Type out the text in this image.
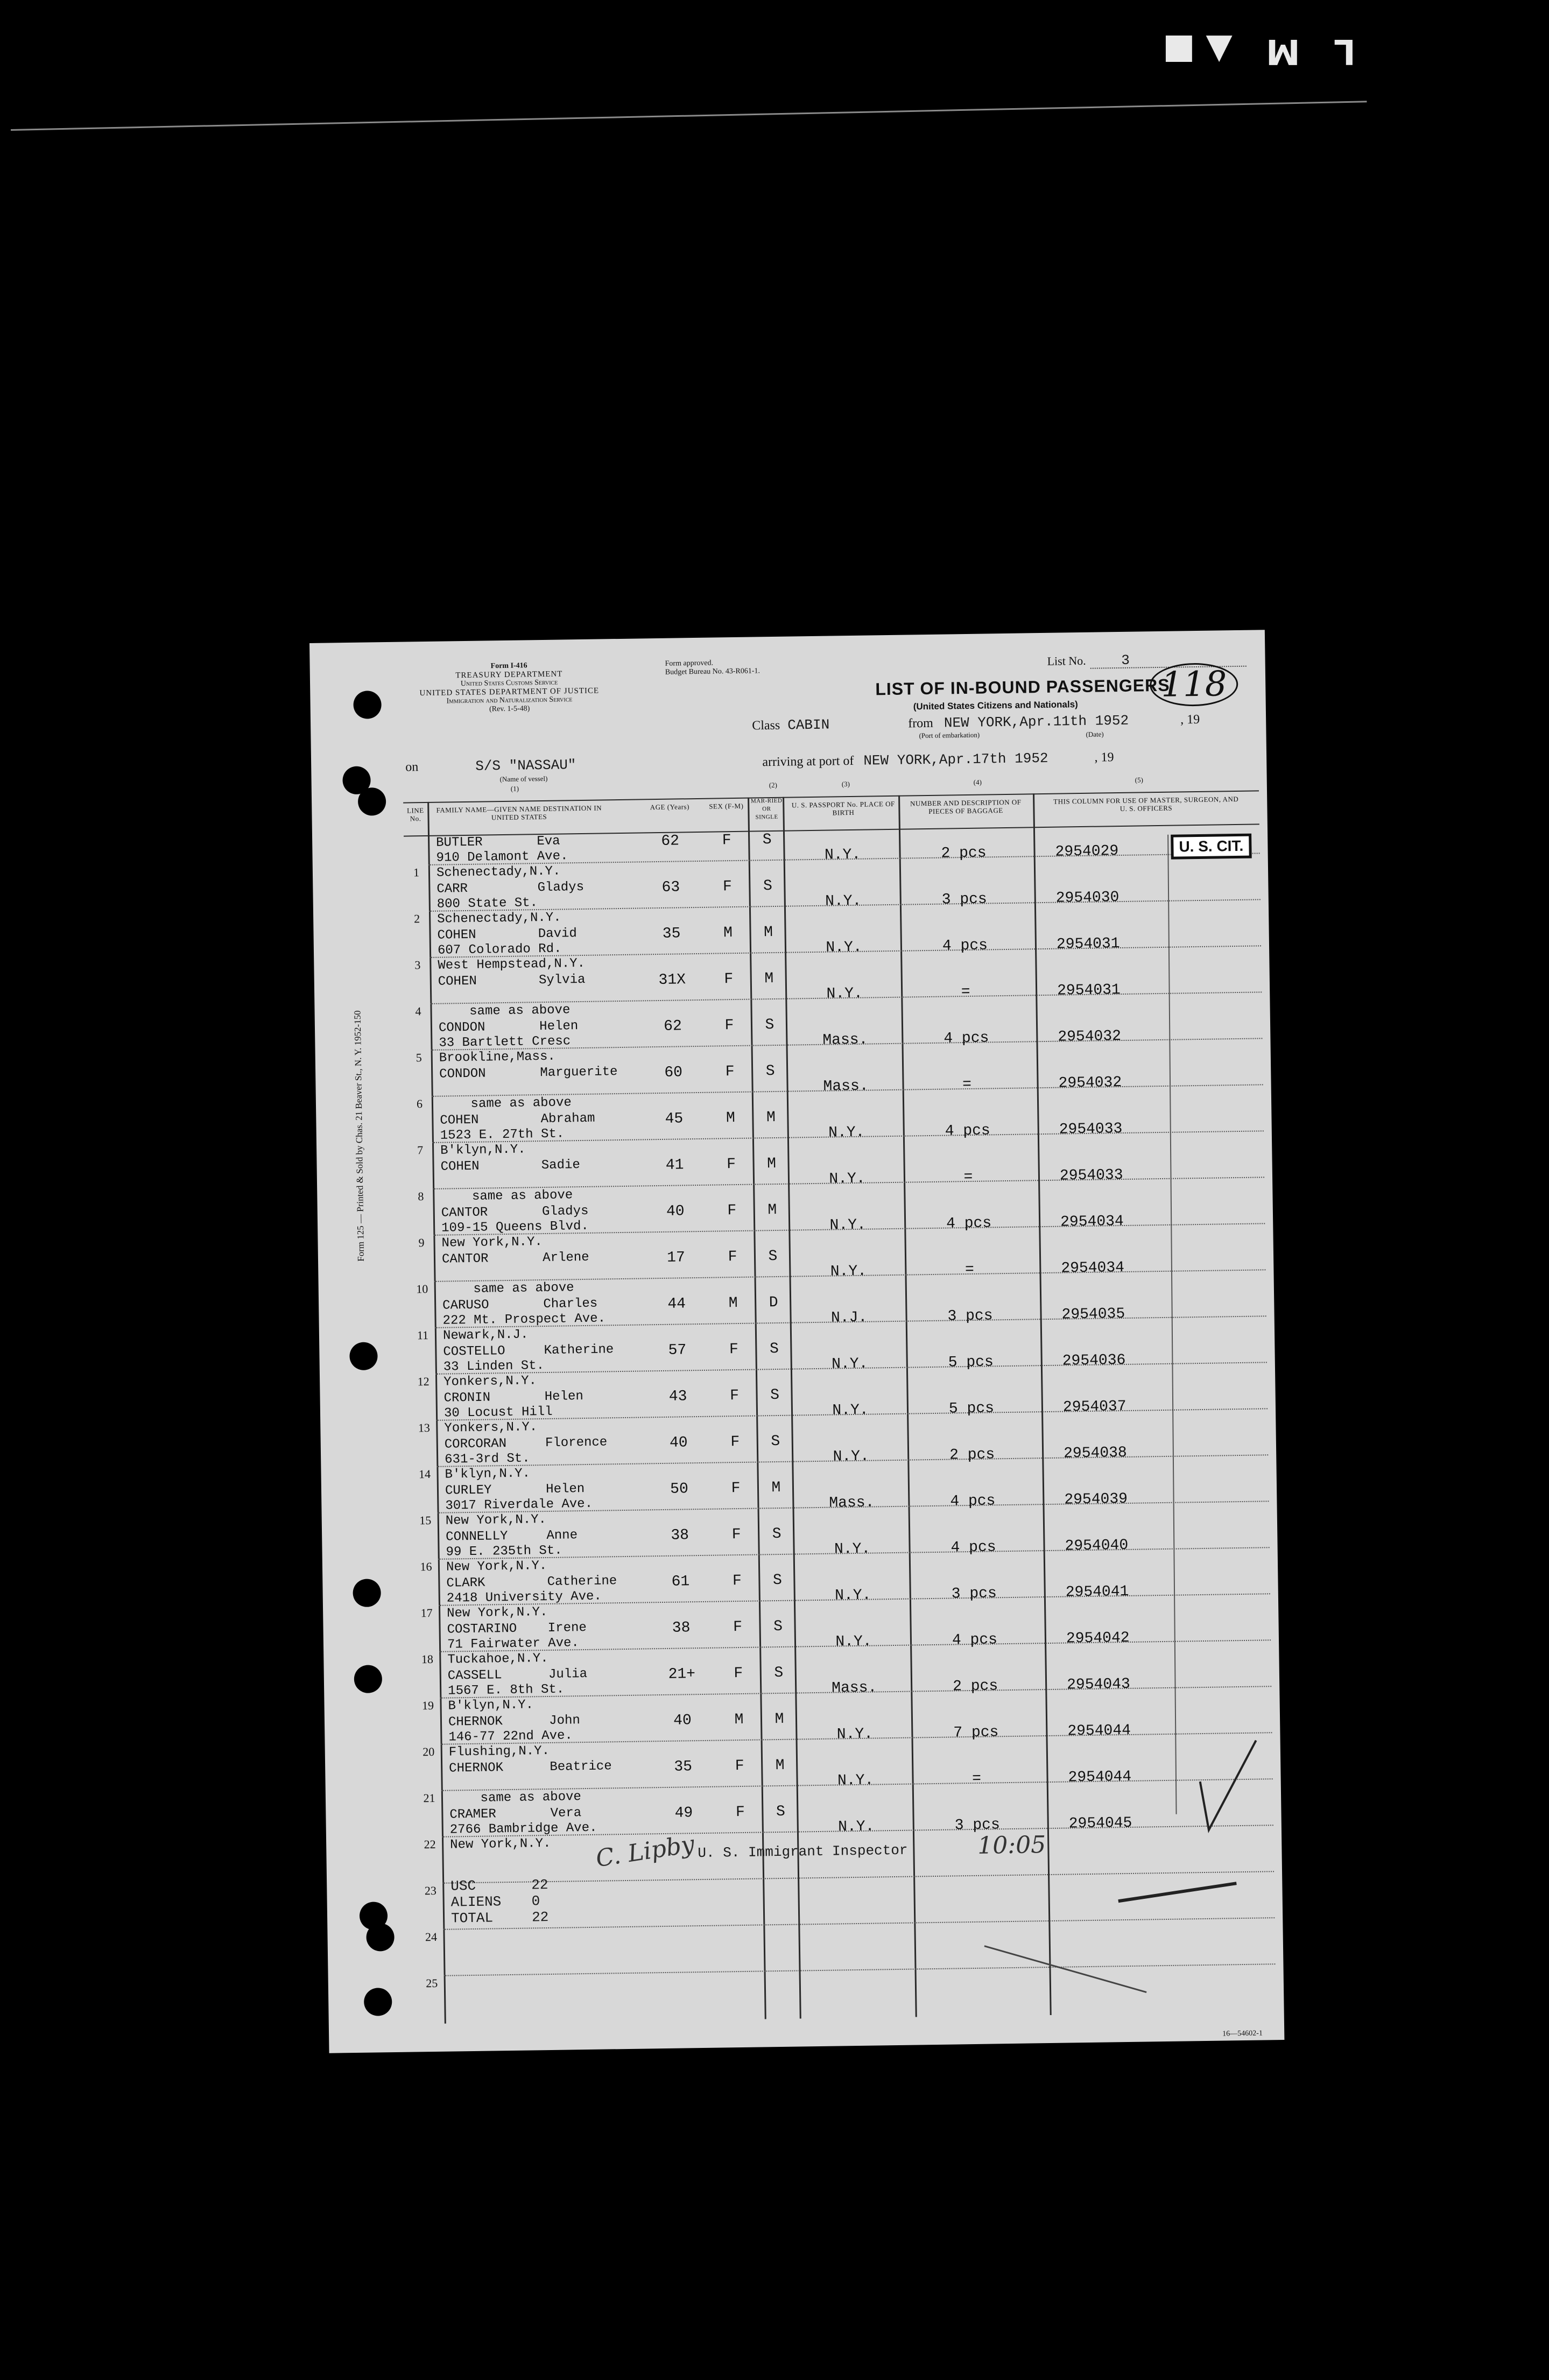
L M ▲■
Form I-416
TREASURY DEPARTMENT
United States Customs Service
UNITED STATES DEPARTMENT OF JUSTICE
Immigration and Naturalization Service
(Rev. 1-5-48)
Form approved.
Budget Bureau No. 43-R061-1.
List No.	3
LIST OF IN-BOUND PASSENGERS
(United States Citizens and Nationals)
118
Class CABIN	from NEW YORK,Apr.11th 1952	, 19
(Port of embarkation)	(Date)
on	S/S "NASSAU"	arriving at port of NEW YORK,Apr.17th 1952	, 19
(Name of vessel)
(1)	(2)	(3)	(4)	(5)
Form 125 — Printed & Sold by Chas. 21 Beaver St., N. Y. 1952-150
LINE No.
FAMILY NAME—GIVEN NAME DESTINATION IN UNITED STATES
AGE (Years)	SEX (F-M)
MAR-RIED OR SINGLE
U. S. PASSPORT No. PLACE OF BIRTH
NUMBER AND DESCRIPTION OF PIECES OF BAGGAGE
THIS COLUMN FOR USE OF MASTER, SURGEON, AND U. S. OFFICERS
1
BUTLER       Eva
910 Delamont Ave.
Schenectady,N.Y.
62	F	S
N.Y.	2 pcs	2954029
2
CARR         Gladys
800 State St.
Schenectady,N.Y.
63	F	S
N.Y.	3 pcs	2954030
3
COHEN        David
607 Colorado Rd.
West Hempstead,N.Y.
35	M	M
N.Y.	4 pcs	2954031
4
COHEN        Sylvia
same as above
31X	F	M
N.Y.	=	2954031
5
CONDON       Helen
33 Bartlett Cresc
Brookline,Mass.
62	F	S
Mass.	4 pcs	2954032
6
CONDON       Marguerite
same as above
60	F	S
Mass.	=	2954032
7
COHEN        Abraham
1523 E. 27th St.
B'klyn,N.Y.
45	M	M
N.Y.	4 pcs	2954033
8
COHEN        Sadie
same as above
41	F	M
N.Y.	=	2954033
9
CANTOR       Gladys
109-15 Queens Blvd.
New York,N.Y.
40	F	M
N.Y.	4 pcs	2954034
10
CANTOR       Arlene
same as above
17	F	S
N.Y.	=	2954034
11
CARUSO       Charles
222 Mt. Prospect Ave.
Newark,N.J.
44	M	D
N.J.	3 pcs	2954035
12
COSTELLO     Katherine
33 Linden St.
Yonkers,N.Y.
57	F	S
N.Y.	5 pcs	2954036
13
CRONIN       Helen
30 Locust Hill
Yonkers,N.Y.
43	F	S
N.Y.	5 pcs	2954037
14
CORCORAN     Florence
631-3rd St.
B'klyn,N.Y.
40	F	S
N.Y.	2 pcs	2954038
15
CURLEY       Helen
3017 Riverdale Ave.
New York,N.Y.
50	F	M
Mass.	4 pcs	2954039
16
CONNELLY     Anne
99 E. 235th St.
New York,N.Y.
38	F	S
N.Y.	4 pcs	2954040
17
CLARK        Catherine
2418 University Ave.
New York,N.Y.
61	F	S
N.Y.	3 pcs	2954041
18
COSTARINO    Irene
71 Fairwater Ave.
Tuckahoe,N.Y.
38	F	S
N.Y.	4 pcs	2954042
19
CASSELL      Julia
1567 E. 8th St.
B'klyn,N.Y.
21+	F	S
Mass.	2 pcs	2954043
20
CHERNOK      John
146-77 22nd Ave.
Flushing,N.Y.
40	M	M
N.Y.	7 pcs	2954044
21
CHERNOK      Beatrice
same as above
35	F	M
N.Y.	=	2954044
22
CRAMER       Vera
2766 Bambridge Ave.
New York,N.Y.
49	F	S
N.Y.	3 pcs	2954045
23
24
25
U. S. CIT.
C. Lipby U. S. Immigrant Inspector	10:05
USC	22
ALIENS 0
TOTAL	22
16—54602-1
